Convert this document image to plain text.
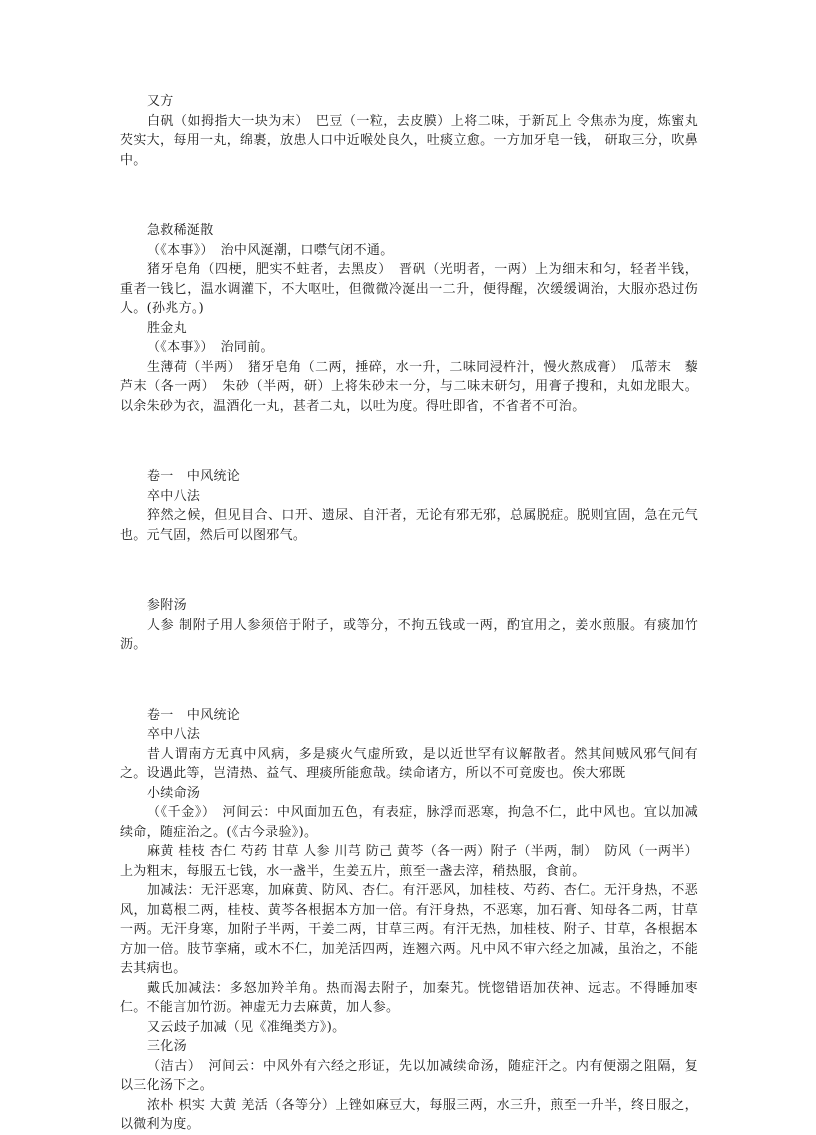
又方

白矾（如拇指大一块为末）　巴豆（一粒，去皮膜）上将二味，于新瓦上 令焦赤为度，炼蜜丸芡实大，每用一丸，绵裹，放患人口中近喉处良久，吐痰立愈。一方加牙皂一钱， 研取三分，吹鼻中。

急救稀涎散

（《本事》）　治中风涎潮，口噤气闭不通。

猪牙皂角（四梗，肥实不蛀者，去黑皮）　晋矾（光明者，一两）上为细末和匀，轻者半钱，重者一钱匕，温水调灌下，不大呕吐，但微微冷涎出一二升，便得醒，次缓缓调治，大服亦恐过伤人。(孙兆方。)

胜金丸

（《本事》）　治同前。

生薄荷（半两）　猪牙皂角（二两，捶碎，水一升，二味同浸杵汁，慢火熬成膏）　瓜蒂末　藜芦末（各一两）　朱砂（半两，研）上将朱砂末一分，与二味末研匀，用膏子搜和，丸如龙眼大。以余朱砂为衣，温酒化一丸，甚者二丸，以吐为度。得吐即省，不省者不可治。

卷一　中风统论

卒中八法

猝然之候，但见目合、口开、遗尿、自汗者，无论有邪无邪，总属脱症。脱则宜固，急在元气也。元气固，然后可以图邪气。

参附汤

人参 制附子用人参须倍于附子，或等分，不拘五钱或一两，酌宜用之，姜水煎服。有痰加竹沥。

卷一　中风统论

卒中八法

昔人谓南方无真中风病，多是痰火气虚所致，是以近世罕有议解散者。然其间贼风邪气间有之。设遇此等，岂清热、益气、理痰所能愈哉。续命诸方，所以不可竟废也。俟大邪既

小续命汤

（《千金》）　河间云：中风面加五色，有表症，脉浮而恶寒，拘急不仁，此中风也。宜以加减续命，随症治之。(《古今录验》)。

麻黄 桂枝 杏仁 芍药 甘草 人参 川芎 防己 黄芩（各一两）附子（半两，制）　防风（一两半）上为粗末，每服五七钱，水一盏半，生姜五片，煎至一盏去滓，稍热服，食前。

加减法：无汗恶寒，加麻黄、防风、杏仁。有汗恶风，加桂枝、芍药、杏仁。无汗身热，不恶风，加葛根二两，桂枝、黄芩各根据本方加一倍。有汗身热，不恶寒，加石膏、知母各二两，甘草一两。无汗身寒，加附子半两，干姜二两，甘草三两。有汗无热，加桂枝、附子、甘草，各根据本方加一倍。肢节挛痛，或木不仁，加羌活四两，连翘六两。凡中风不审六经之加减，虽治之，不能去其病也。

戴氏加减法：多怒加羚羊角。热而渴去附子，加秦艽。恍惚错语加茯神、远志。不得睡加枣仁。不能言加竹沥。神虚无力去麻黄，加人参。

又云歧子加减（见《准绳类方》)。

三化汤

（洁古）　河间云：中风外有六经之形证，先以加减续命汤，随症汗之。内有便溺之阻隔，复以三化汤下之。

浓朴 枳实 大黄 羌活（各等分）上锉如麻豆大，每服三两，水三升，煎至一升半，终日服之，以微利为度。
